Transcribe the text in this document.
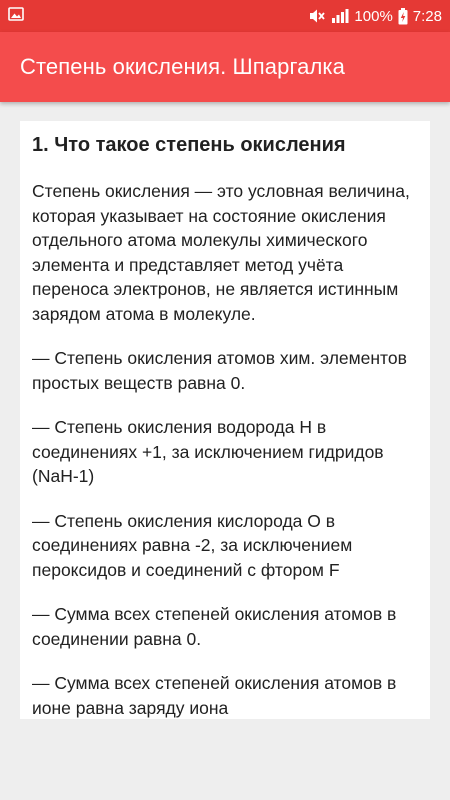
100% 7:28
Степень окисления. Шпаргалка
1. Что такое степень окисления

Степень окисления — это условная величина, которая указывает на состояние окисления отдельного атома молекулы химического элемента и представляет метод учёта переноса электронов, не является истинным зарядом атома в молекуле.

— Степень окисления атомов хим. элементов простых веществ равна 0.

— Степень окисления водорода H в соединениях +1, за исключением гидридов (NaH-1)

— Степень окисления кислорода O в соединениях равна -2, за исключением пероксидов и соединений с фтором F

— Сумма всех степеней окисления атомов в соединении равна 0.

— Сумма всех степеней окисления атомов в ионе равна заряду иона
